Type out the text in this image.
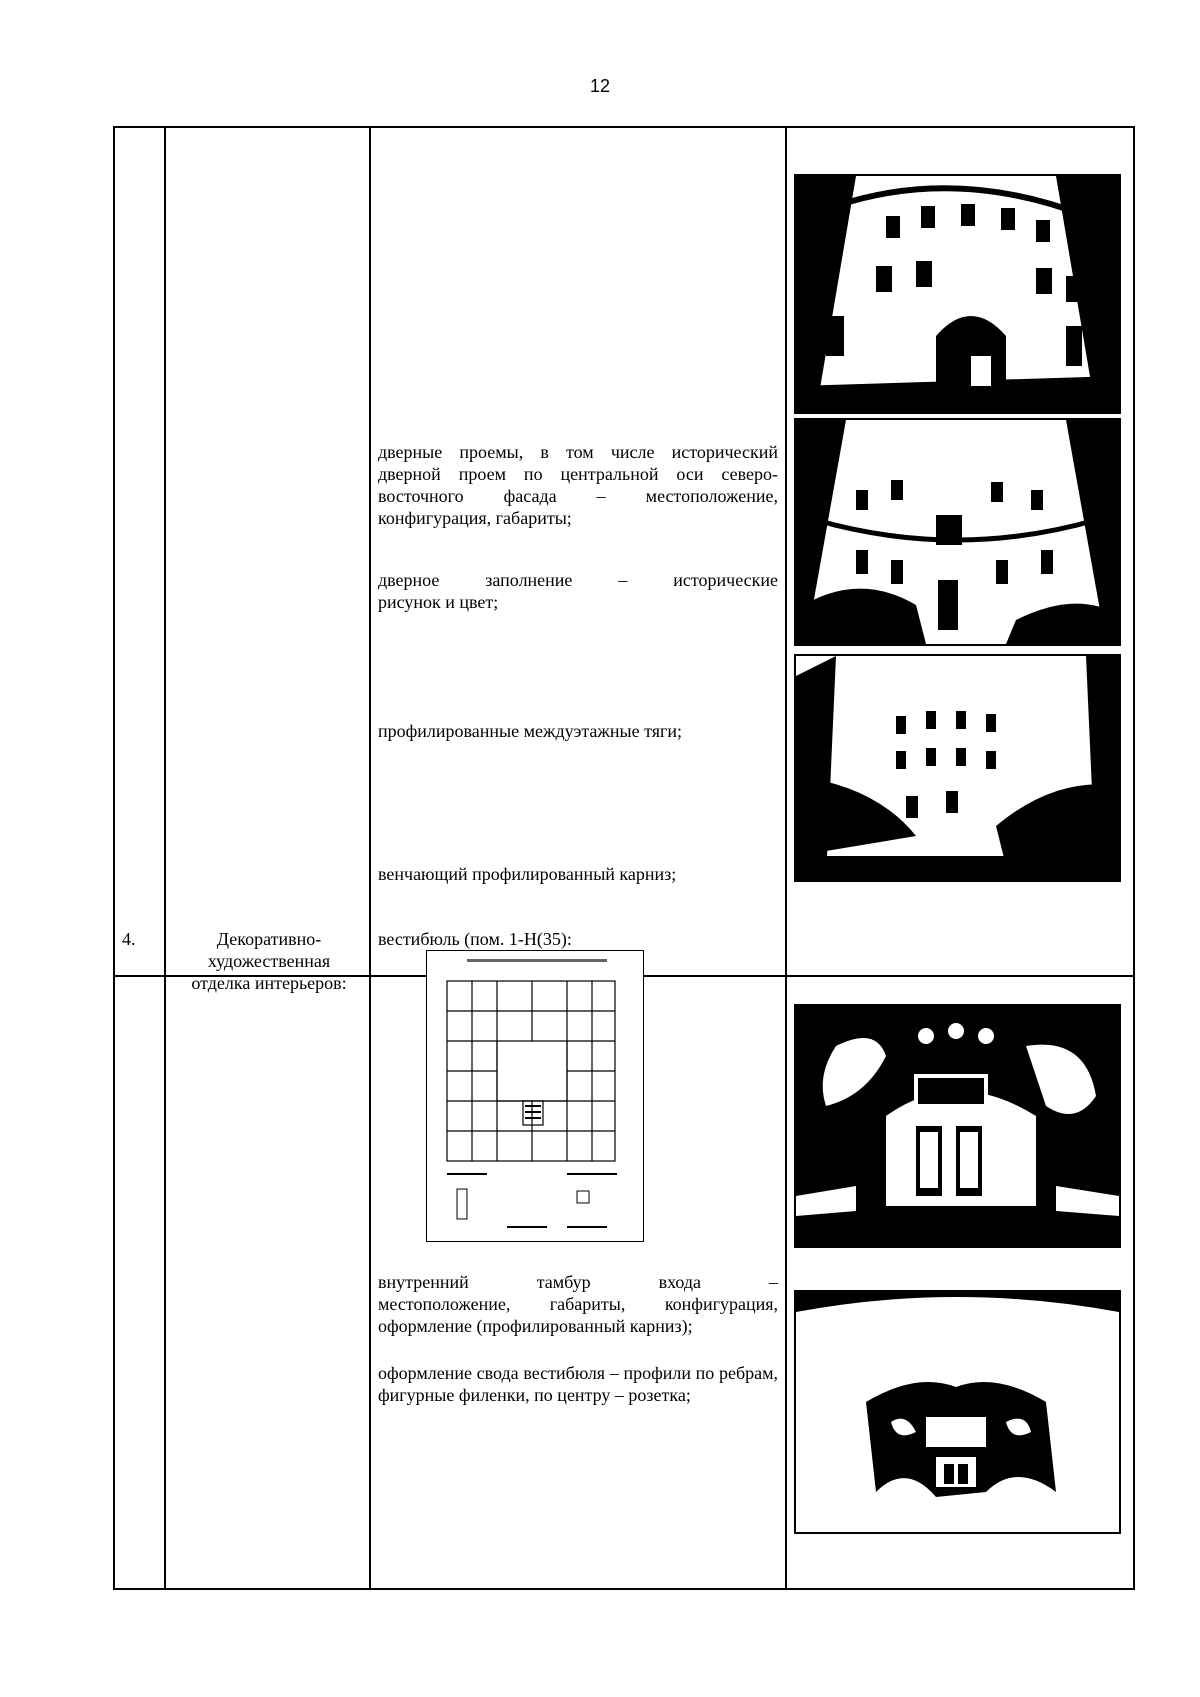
12
дверные проемы, в том числе исторический дверной проем по центральной оси северо-восточного фасада – местоположение, конфигурация, габариты;
дверное заполнение – исторические
рисунок и цвет;
профилированные междуэтажные тяги;
венчающий профилированный карниз;
4.	Декоративно-художественная отделка интерьеров:
вестибюль (пом. 1-Н(35):
внутренний тамбур входа –
местоположение, габариты, конфигурация, оформление (профилированный карниз);
оформление свода вестибюля – профили по ребрам, фигурные филенки, по центру – розетка;
